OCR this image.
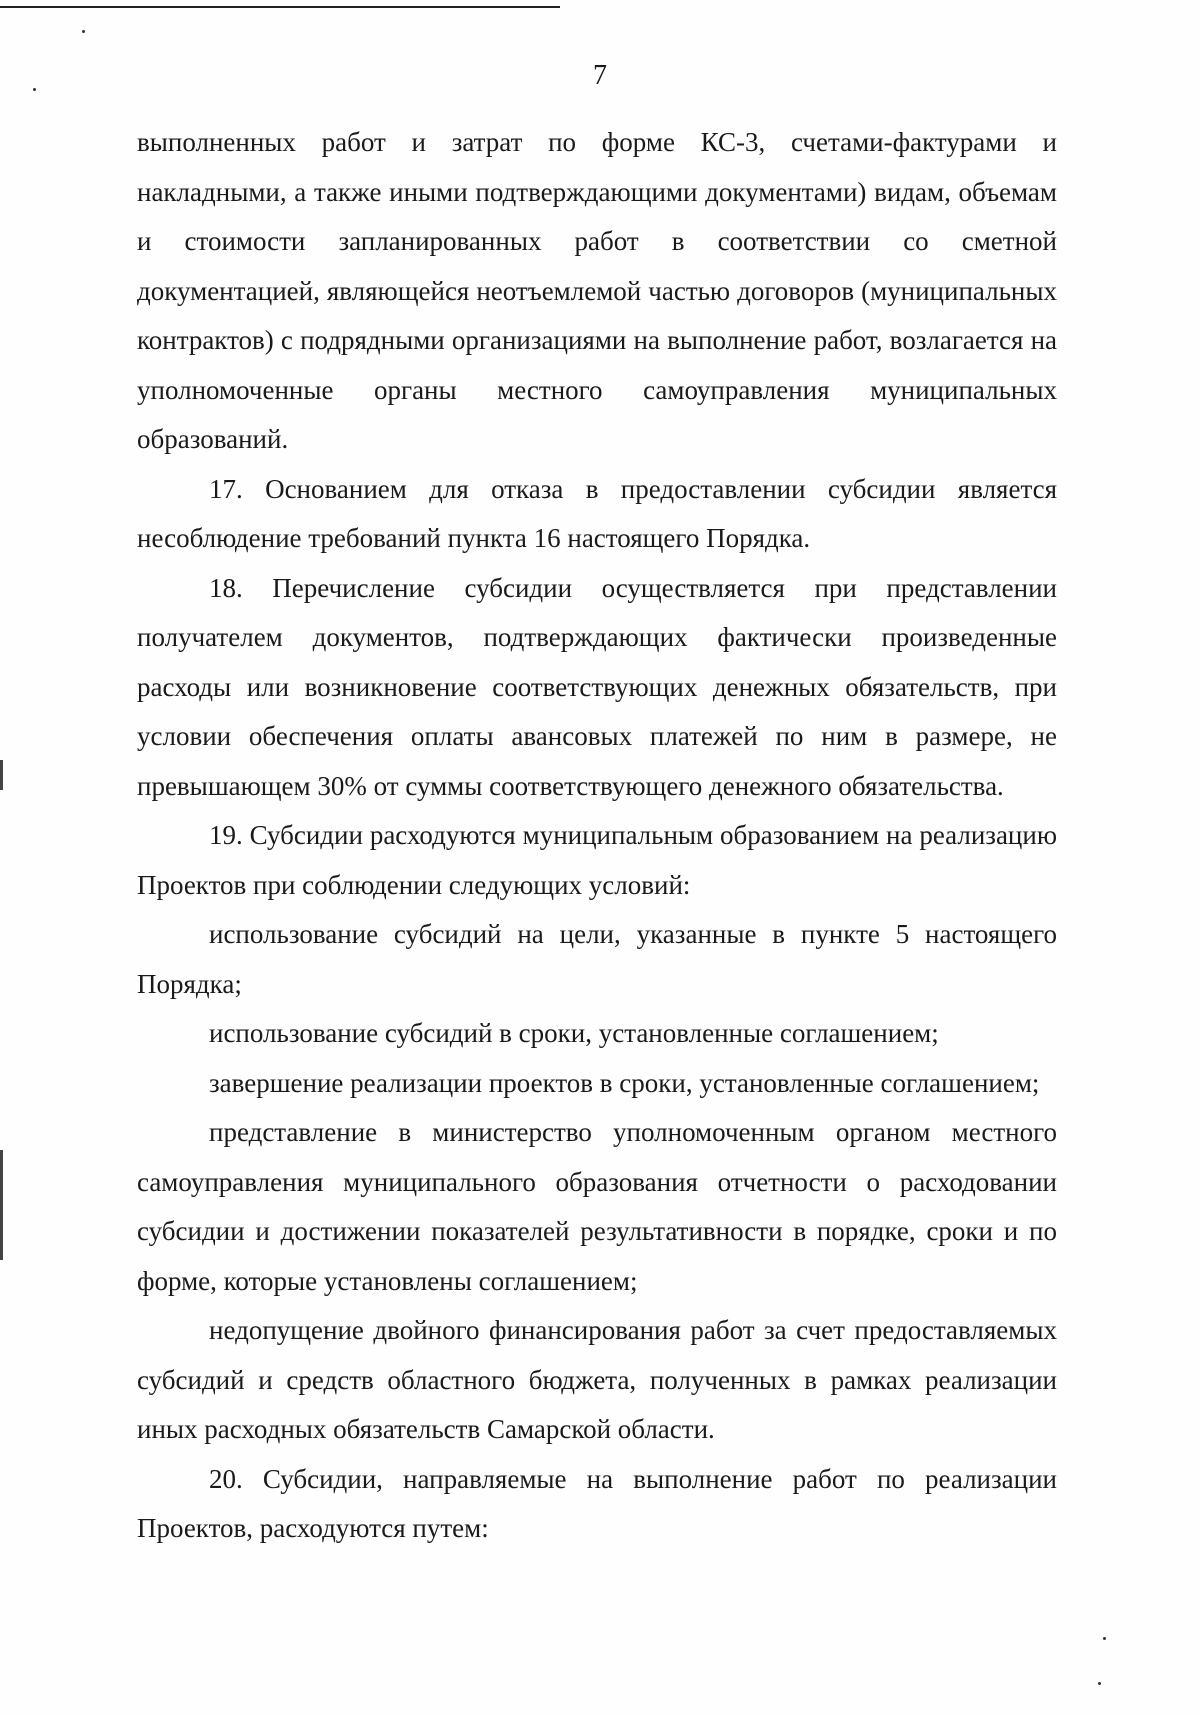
7

выполненных работ и затрат по форме КС-3, счетами-фактурами и накладными, а также иными подтверждающими документами) видам, объемам и стоимости запланированных работ в соответствии со сметной документацией, являющейся неотъемлемой частью договоров (муниципальных контрактов) с подрядными организациями на выполнение работ, возлагается на уполномоченные органы местного самоуправления муниципальных образований.

17. Основанием для отказа в предоставлении субсидии является несоблюдение требований пункта 16 настоящего Порядка.

18. Перечисление субсидии осуществляется при представлении получателем документов, подтверждающих фактически произведенные расходы или возникновение соответствующих денежных обязательств, при условии обеспечения оплаты авансовых платежей по ним в размере, не превышающем 30% от суммы соответствующего денежного обязательства.

19. Субсидии расходуются муниципальным образованием на реализацию Проектов при соблюдении следующих условий:

использование субсидий на цели, указанные в пункте 5 настоящего Порядка;

использование субсидий в сроки, установленные соглашением;

завершение реализации проектов в сроки, установленные соглашением;

представление в министерство уполномоченным органом местного самоуправления муниципального образования отчетности о расходовании субсидии и достижении показателей результативности в порядке, сроки и по форме, которые установлены соглашением;

недопущение двойного финансирования работ за счет предоставляемых субсидий и средств областного бюджета, полученных в рамках реализации иных расходных обязательств Самарской области.

20. Субсидии, направляемые на выполнение работ по реализации Проектов, расходуются путем:
